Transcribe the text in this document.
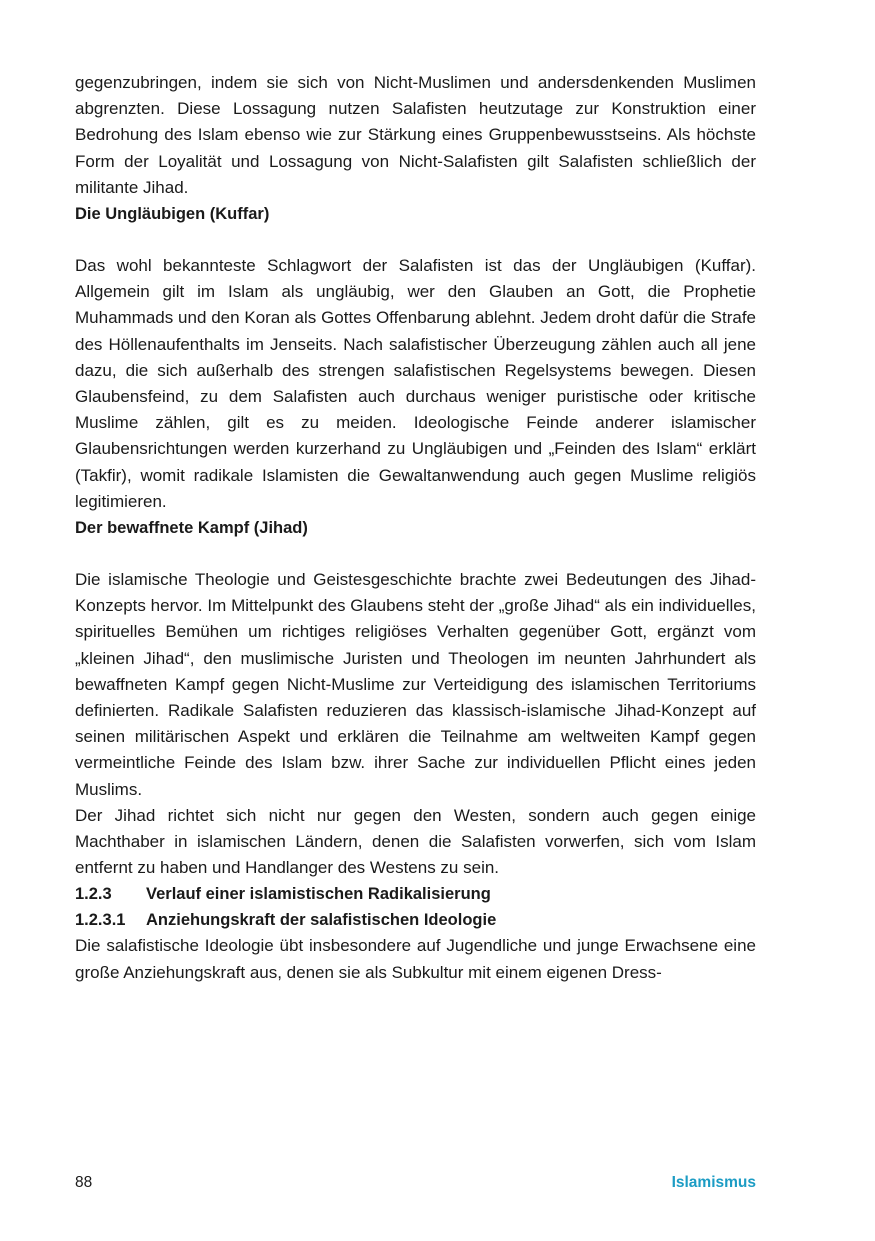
gegenzubringen, indem sie sich von Nicht-Muslimen und andersdenkenden Muslimen abgrenzten. Diese Lossagung nutzen Salafisten heutzutage zur Konstruktion einer Bedrohung des Islam ebenso wie zur Stärkung eines Gruppenbewusstseins. Als höchste Form der Loyalität und Lossagung von Nicht-Salafisten gilt Salafisten schließlich der militante Jihad.

Die Ungläubigen (Kuffar)

Das wohl bekannteste Schlagwort der Salafisten ist das der Ungläubigen (Kuffar). Allgemein gilt im Islam als ungläubig, wer den Glauben an Gott, die Prophetie Muhammads und den Koran als Gottes Offenbarung ablehnt. Jedem droht dafür die Strafe des Höllenaufenthalts im Jenseits. Nach salafistischer Überzeugung zählen auch all jene dazu, die sich außerhalb des strengen salafistischen Regelsystems bewegen. Diesen Glaubensfeind, zu dem Salafisten auch durchaus weniger puristische oder kritische Muslime zählen, gilt es zu meiden. Ideologische Feinde anderer islamischer Glaubensrichtungen werden kurzerhand zu Ungläubigen und „Feinden des Islam“ erklärt (Takfir), womit radikale Islamisten die Gewaltanwendung auch gegen Muslime religiös legitimieren.

Der bewaffnete Kampf (Jihad)

Die islamische Theologie und Geistesgeschichte brachte zwei Bedeutungen des Jihad-Konzepts hervor. Im Mittelpunkt des Glaubens steht der „große Jihad“ als ein individuelles, spirituelles Bemühen um richtiges religiöses Verhalten gegenüber Gott, ergänzt vom „kleinen Jihad“, den muslimische Juristen und Theologen im neunten Jahrhundert als bewaffneten Kampf gegen Nicht-Muslime zur Verteidigung des islamischen Territoriums definierten. Radikale Salafisten reduzieren das klassisch-islamische Jihad-Konzept auf seinen militärischen Aspekt und erklären die Teilnahme am weltweiten Kampf gegen vermeintliche Feinde des Islam bzw. ihrer Sache zur individuellen Pflicht eines jeden Muslims.

Der Jihad richtet sich nicht nur gegen den Westen, sondern auch gegen einige Machthaber in islamischen Ländern, denen die Salafisten vorwerfen, sich vom Islam entfernt zu haben und Handlanger des Westens zu sein.

1.2.3	Verlauf einer islamistischen Radikalisierung
1.2.3.1	Anziehungskraft der salafistischen Ideologie

Die salafistische Ideologie übt insbesondere auf Jugendliche und junge Erwachsene eine große Anziehungskraft aus, denen sie als Subkultur mit einem eigenen Dress-

88	Islamismus
